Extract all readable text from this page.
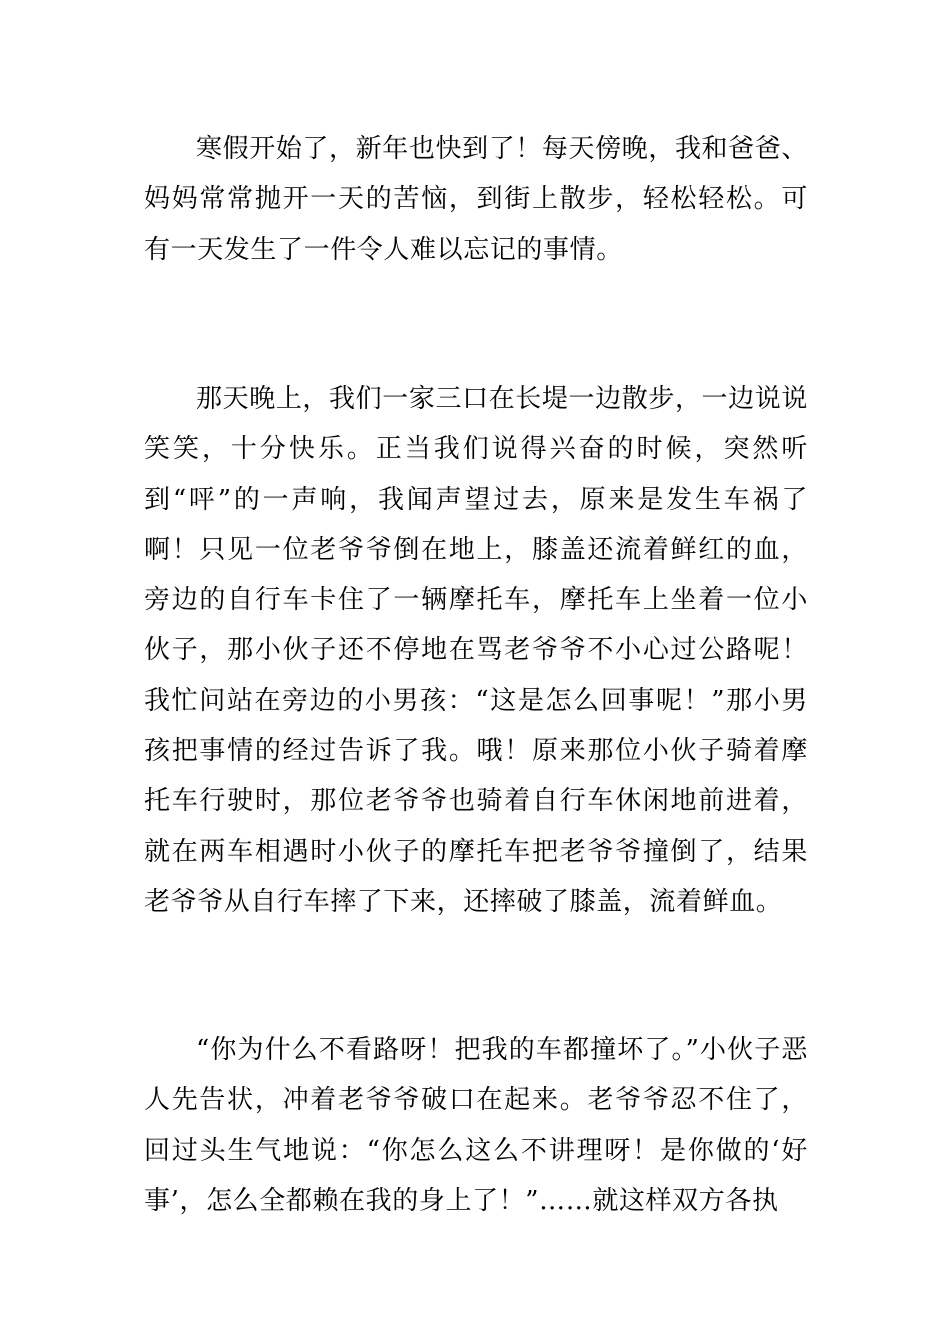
寒假开始了，新年也快到了！每天傍晚，我和爸爸、妈妈常常抛开一天的苦恼，到街上散步，轻松轻松。可有一天发生了一件令人难以忘记的事情。

那天晚上，我们一家三口在长堤一边散步，一边说说笑笑，十分快乐。正当我们说得兴奋的时候，突然听到“呯”的一声响，我闻声望过去，原来是发生车祸了啊！只见一位老爷爷倒在地上，膝盖还流着鲜红的血，旁边的自行车卡住了一辆摩托车，摩托车上坐着一位小伙子，那小伙子还不停地在骂老爷爷不小心过公路呢！我忙问站在旁边的小男孩：“这是怎么回事呢！”那小男孩把事情的经过告诉了我。哦！原来那位小伙子骑着摩托车行驶时，那位老爷爷也骑着自行车休闲地前进着，就在两车相遇时小伙子的摩托车把老爷爷撞倒了，结果老爷爷从自行车摔了下来，还摔破了膝盖，流着鲜血。

“你为什么不看路呀！把我的车都撞坏了。”小伙子恶人先告状，冲着老爷爷破口在起来。老爷爷忍不住了，回过头生气地说：“你怎么这么不讲理呀！是你做的‘好事’，怎么全都赖在我的身上了！”……就这样双方各执
